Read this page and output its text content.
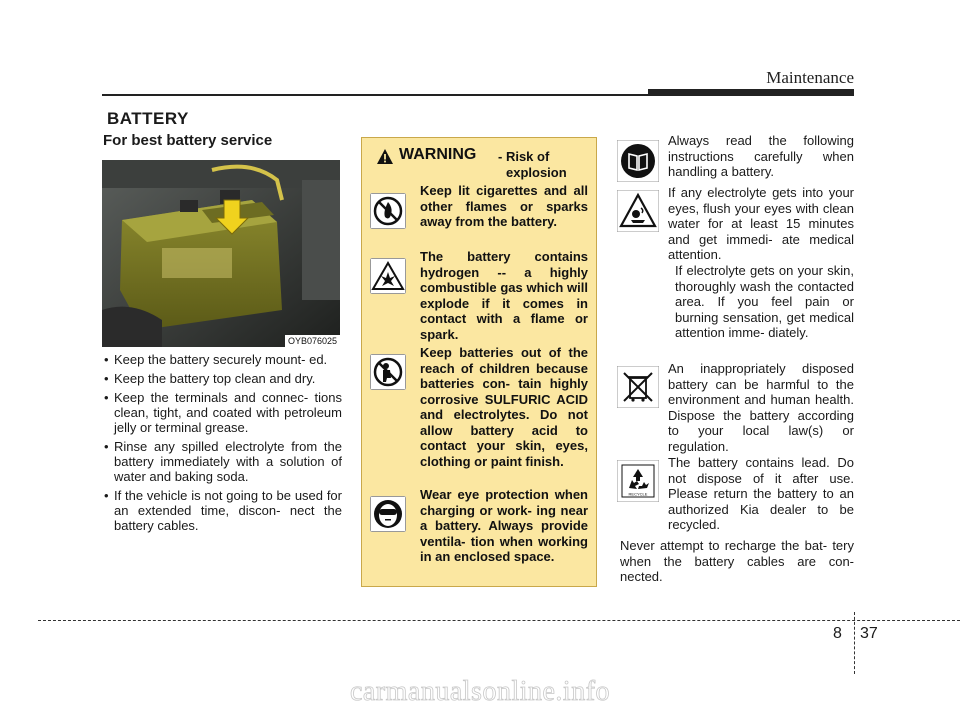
Maintenance
BATTERY
For best battery service
OYB076025
• Keep the battery securely mount- ed.
• Keep the battery top clean and dry.
• Keep the terminals and connec- tions clean, tight, and coated with petroleum jelly or terminal grease.
• Rinse any spilled electrolyte from the battery immediately with a solution of water and baking soda.
• If the vehicle is not going to be used for an extended time, discon- nect the battery cables.
WARNING - Risk of
explosion
Keep lit cigarettes and all other flames or sparks away from the battery.
The battery contains hydrogen -- a highly combustible gas which will explode if it comes in contact with a flame or spark.
Keep batteries out of the reach of children because batteries con- tain highly corrosive SULFURIC ACID and electrolytes. Do not allow battery acid to contact your skin, eyes, clothing or paint finish.
Wear eye protection when charging or work- ing near a battery. Always provide ventila- tion when working in an enclosed space.
Always read the following instructions carefully when handling a battery.
If any electrolyte gets into your eyes, flush your eyes with clean water for at least 15 minutes and get immedi- ate medical attention.
If electrolyte gets on your skin, thoroughly wash the contacted area. If you feel pain or burning sensation, get medical attention imme- diately.
An inappropriately disposed battery can be harmful to the environment and human health. Dispose the battery according to your local law(s) or regulation.
RECYCLE
The battery contains lead. Do not dispose of it after use. Please return the battery to an authorized Kia dealer to be recycled.
Never attempt to recharge the bat- tery when the battery cables are con- nected.
8 37
carmanualsonline.info
